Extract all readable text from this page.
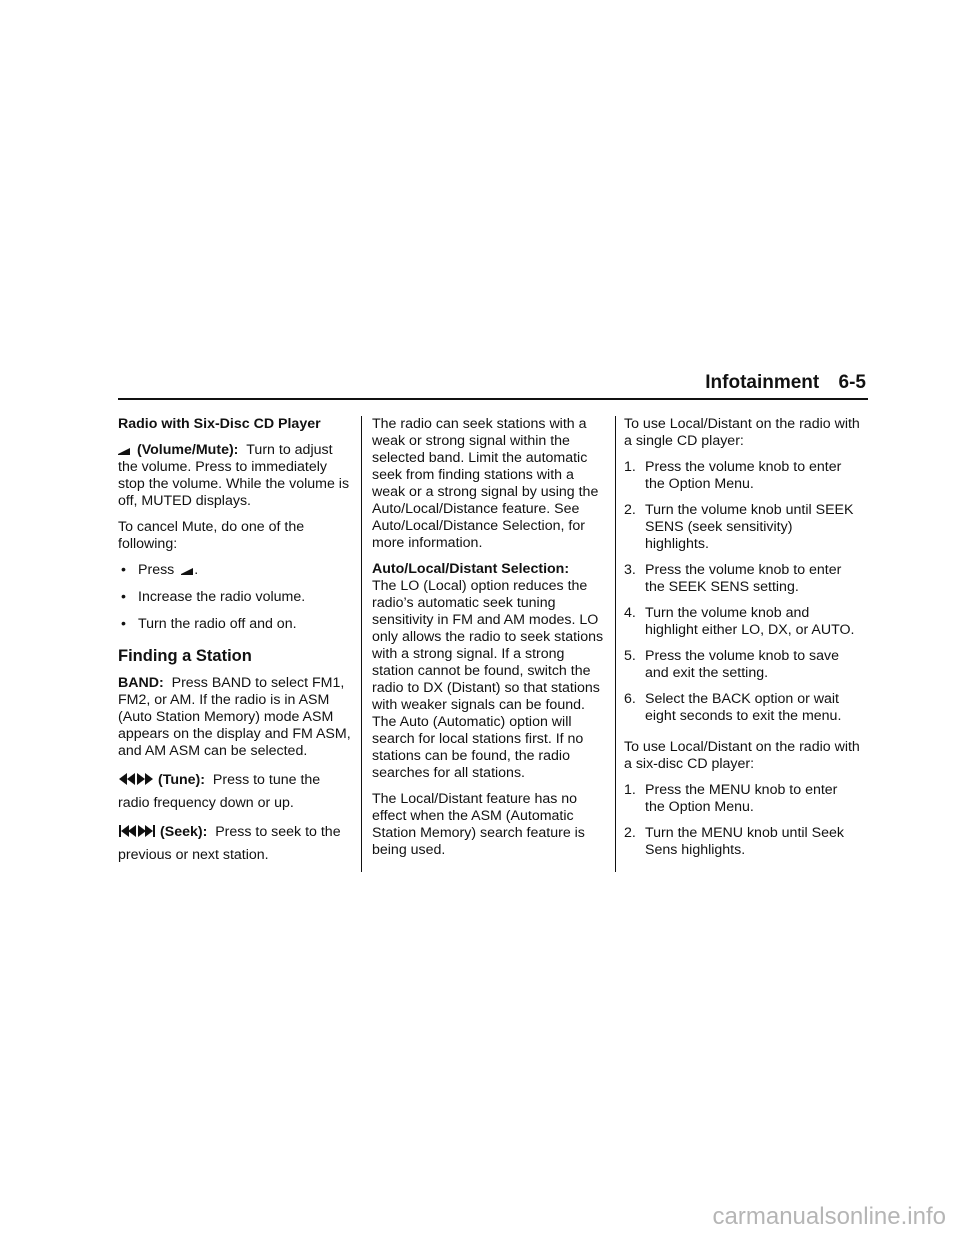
Infotainment 6-5

Radio with Six-Disc CD Player

(Volume/Mute): Turn to adjust the volume. Press to immediately stop the volume. While the volume is off, MUTED displays.

To cancel Mute, do one of the following:

• Press .
• Increase the radio volume.
• Turn the radio off and on.
Finding a Station

BAND: Press BAND to select FM1, FM2, or AM. If the radio is in ASM (Auto Station Memory) mode ASM appears on the display and FM ASM, and AM ASM can be selected.

(Tune): Press to tune the
radio frequency down or up.

(Seek): Press to seek to the
previous or next station.

The radio can seek stations with a weak or strong signal within the selected band. Limit the automatic seek from finding stations with a weak or a strong signal by using the Auto/Local/Distance feature. See Auto/Local/Distance Selection, for more information.

Auto/Local/Distant Selection:
The LO (Local) option reduces the radio’s automatic seek tuning sensitivity in FM and AM modes. LO only allows the radio to seek stations with a strong signal. If a strong station cannot be found, switch the radio to DX (Distant) so that stations with weaker signals can be found. The Auto (Automatic) option will search for local stations first. If no stations can be found, the radio searches for all stations.

The Local/Distant feature has no effect when the ASM (Automatic Station Memory) search feature is being used.

To use Local/Distant on the radio with a single CD player:

1. Press the volume knob to enter the Option Menu.
2. Turn the volume knob until SEEK SENS (seek sensitivity) highlights.
3. Press the volume knob to enter the SEEK SENS setting.
4. Turn the volume knob and highlight either LO, DX, or AUTO.
5. Press the volume knob to save and exit the setting.
6. Select the BACK option or wait eight seconds to exit the menu.

To use Local/Distant on the radio with a six-disc CD player:

1. Press the MENU knob to enter the Option Menu.
2. Turn the MENU knob until Seek Sens highlights.
carmanualsonline.info
